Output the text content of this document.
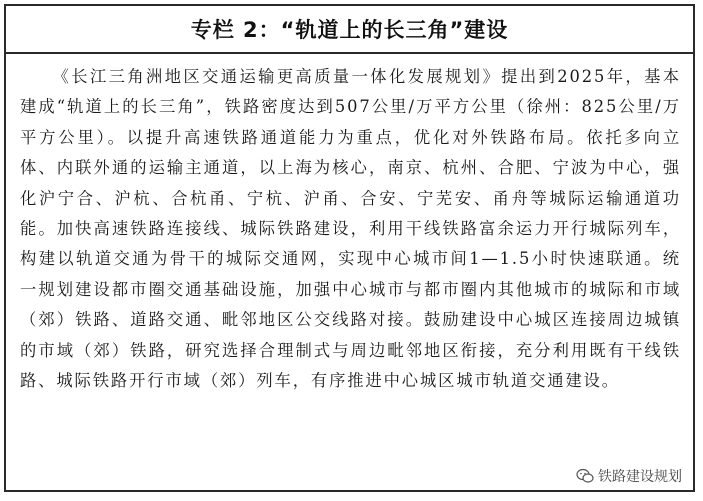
专栏 2：“轨道上的长三角”建设

《长江三角洲地区交通运输更高质量一体化发展规划》提出到2025年，基本建成“轨道上的长三角”，铁路密度达到507公里/万平方公里（徐州：825公里/万平方公里）。以提升高速铁路通道能力为重点，优化对外铁路布局。依托多向立体、内联外通的运输主通道，以上海为核心，南京、杭州、合肥、宁波为中心，强化沪宁合、沪杭、合杭甬、宁杭、沪甬、合安、宁芜安、甬舟等城际运输通道功能。加快高速铁路连接线、城际铁路建设，利用干线铁路富余运力开行城际列车，构建以轨道交通为骨干的城际交通网，实现中心城市间1—1.5小时快速联通。统一规划建设都市圈交通基础设施，加强中心城市与都市圈内其他城市的城际和市域（郊）铁路、道路交通、毗邻地区公交线路对接。鼓励建设中心城区连接周边城镇的市域（郊）铁路，研究选择合理制式与周边毗邻地区衔接，充分利用既有干线铁路、城际铁路开行市域（郊）列车，有序推进中心城区城市轨道交通建设。

铁路建设规划
